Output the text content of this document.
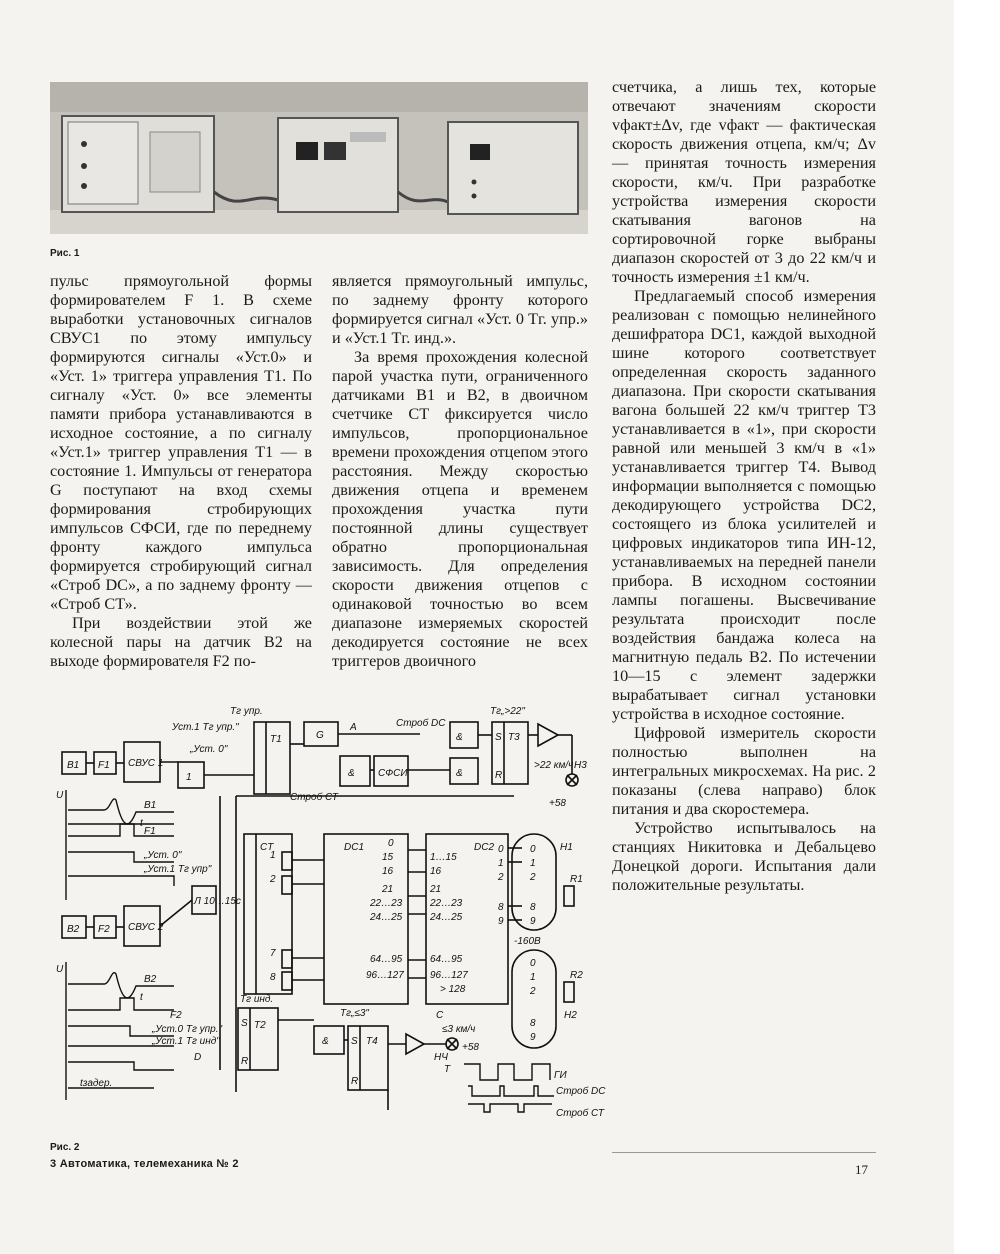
Рис. 1

пульс прямоугольной формы формирователем F 1. В схеме выработки установочных сигналов СВУС1 по этому импульсу формируются сигналы «Уст.0» и «Уст. 1» триггера управления Т1. По сигналу «Уст. 0» все элементы памяти прибора устанавливаются в исходное состояние, а по сигналу «Уст.1» триггер управления Т1 — в состояние 1. Импульсы от генератора G поступают на вход схемы формирования стробирующих импульсов СФСИ, где по переднему фронту каждого импульса формируется стробирующий сигнал «Строб DC», а по заднему фронту — «Строб СТ».

При воздействии этой же колесной пары на датчик В2 на выходе формирователя F2 по-

является прямоугольный импульс, по заднему фронту которого формируется сигнал «Уст. 0 Тг. упр.» и «Уст.1 Тг. инд.».

За время прохождения колесной парой участка пути, ограниченного датчиками В1 и В2, в двоичном счетчике СТ фиксируется число импульсов, пропорциональное времени прохождения отцепом этого расстояния. Между скоростью движения отцепа и временем прохождения участка пути постоянной длины существует обратно пропорциональная зависимость. Для определения скорости движения отцепов с одинаковой точностью во всем диапазоне измеряемых скоростей декодируется состояние не всех триггеров двоичного

счетчика, а лишь тех, которые отвечают значениям скорости vфакт±Δv, где vфакт — фактическая скорость движения отцепа, км/ч; Δv — принятая точность измерения скорости, км/ч. При разработке устройства измерения скорости скатывания вагонов на сортировочной горке выбраны диапазон скоростей от 3 до 22 км/ч и точность измерения ±1 км/ч.

Предлагаемый способ измерения реализован с помощью нелинейного дешифратора DC1, каждой выходной шине которого соответствует определенная скорость заданного диапазона. При скорости скатывания вагона большей 22 км/ч триггер Т3 устанавливается в «1», при скорости равной или меньшей 3 км/ч в «1» устанавливается триггер Т4. Вывод информации выполняется с помощью декодирующего устройства DC2, состоящего из блока усилителей и цифровых индикаторов типа ИН-12, устанавливаемых на передней панели прибора. В исходном состоянии лампы погашены. Высвечивание результата происходит после воздействия бандажа колеса на магнитную педаль В2. По истечении 10—15 с элемент задержки вырабатывает сигнал установки устройства в исходное состояние.

Цифровой измеритель скорости полностью выполнен на интегральных микросхемах. На рис. 2 показаны (слева направо) блок питания и два скоростемера.

Устройство испытывалось на станциях Никитовка и Дебальцево Донецкой дороги. Испытания дали положительные результаты.

В1 F1 СВУС 1
1
T1	G
& СФСИ
&
&
T3
S
R
CT	DC1	DC2
В2 F2 СВУС 2
Л 10…15с
T2
S
R
&	T4
S
R
НЧ
Тг упр.
Уст.1 Тг упр."
„Уст. 0"
А	Строб DC
Тг„>22"
Строб СТ
>22 км/ч Н3
+58
Н1
R1
-160В
R2
Н2
Тг инд.
Тг„≤3"	С
≤3 км/ч
+58
T
ГИ
Строб DC
Строб СТ
U
t
В1
F1
„Уст. 0"
„Уст.1 Тг упр"
U
t
В2
F2
„Уст.0 Тг упр."
„Уст.1 Тг инд"
D
tзадер.
1
2
7
8
0
15
16
21
22…23
24…25
64…95
96…127
1…15
16
21
22…23
24…25
64…95
96…127
> 128
0
1
2
8
9
0
1
2
8
9
0
1
2
8
9
Рис. 2
3 Автоматика, телемеханика № 2	17
